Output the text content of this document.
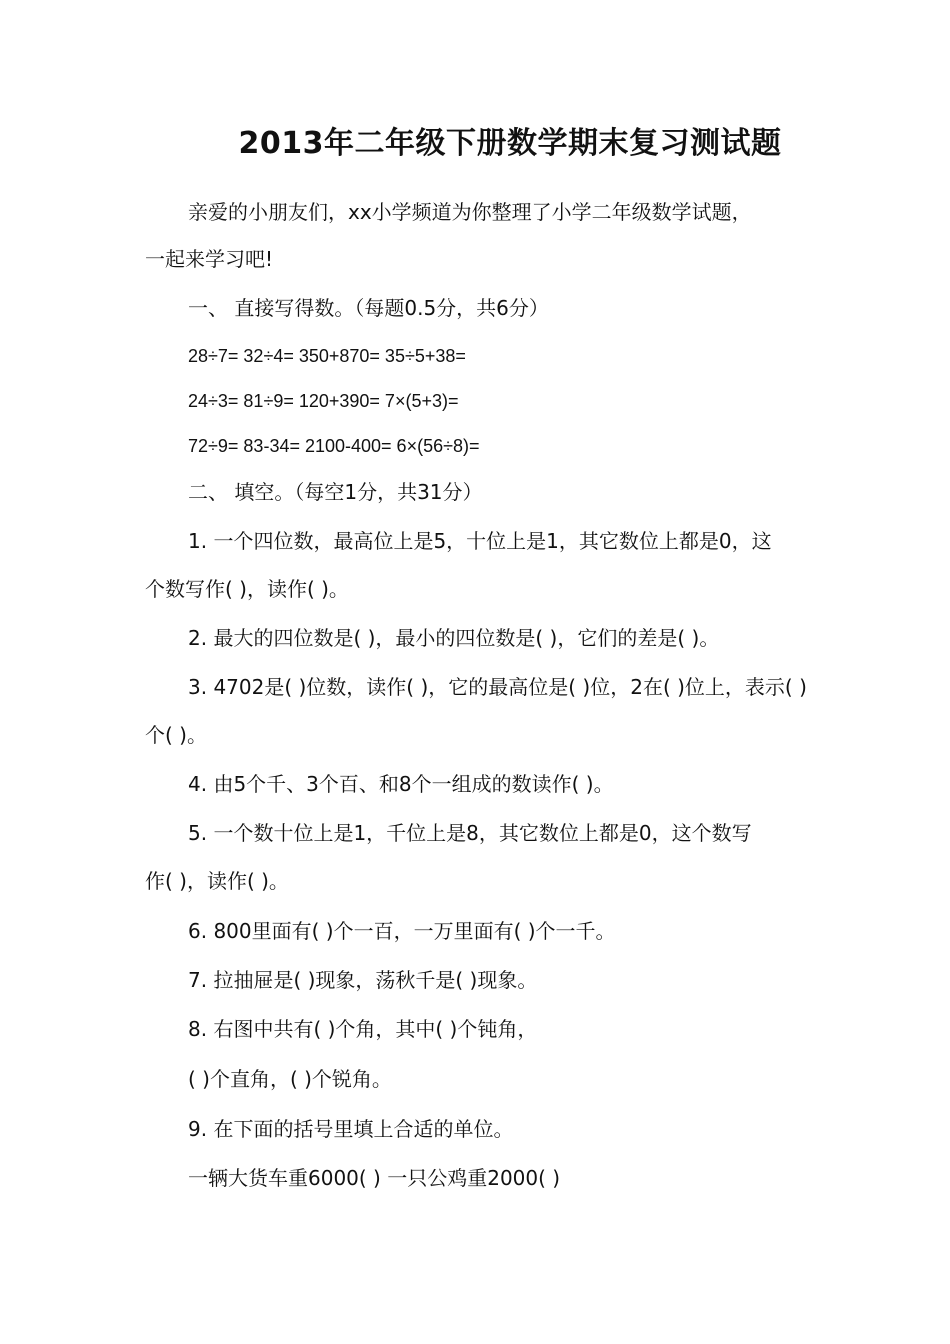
2013年二年级下册数学期末复习测试题

亲爱的小朋友们，xx小学频道为你整理了小学二年级数学试题，

一起来学习吧!

一、 直接写得数。（每题0.5分，共6分）

28÷7= 32÷4= 350+870= 35÷5+38=

24÷3= 81÷9= 120+390= 7×(5+3)=

72÷9= 83-34= 2100-400= 6×(56÷8)=

二、 填空。（每空1分，共31分）

1. 一个四位数，最高位上是5，十位上是1，其它数位上都是0，这

个数写作( )，读作( )。

2. 最大的四位数是( )，最小的四位数是( )，它们的差是( )。

3. 4702是( )位数，读作( )，它的最高位是( )位，2在( )位上，表示( )

个( )。

4. 由5个千、3个百、和8个一组成的数读作( )。

5. 一个数十位上是1，千位上是8，其它数位上都是0，这个数写

作( )，读作( )。

6. 800里面有( )个一百，一万里面有( )个一千。

7. 拉抽屉是( )现象，荡秋千是( )现象。

8. 右图中共有( )个角，其中( )个钝角，

( )个直角，( )个锐角。

9. 在下面的括号里填上合适的单位。

一辆大货车重6000( ) 一只公鸡重2000( )
